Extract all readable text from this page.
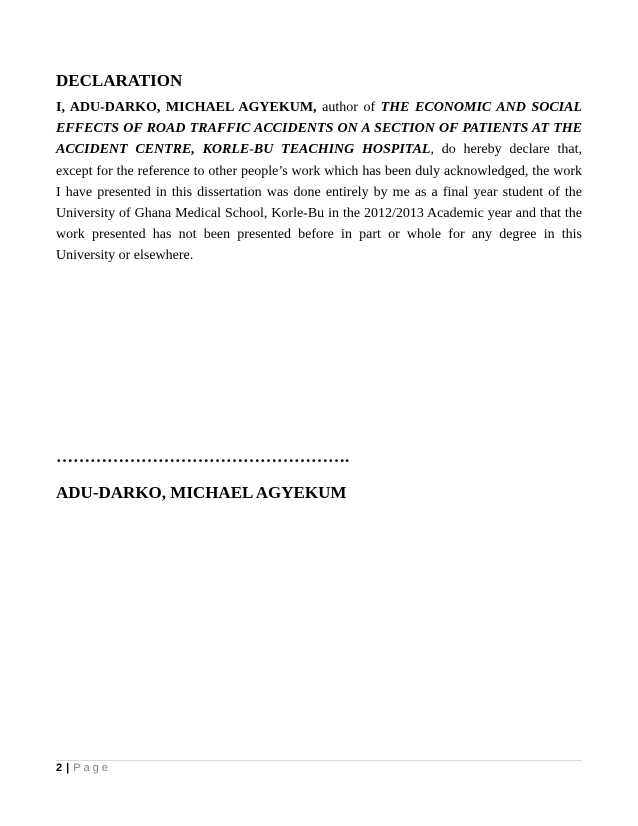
DECLARATION
I, ADU-DARKO, MICHAEL AGYEKUM, author of THE ECONOMIC AND SOCIAL EFFECTS OF ROAD TRAFFIC ACCIDENTS ON A SECTION OF PATIENTS AT THE ACCIDENT CENTRE, KORLE-BU TEACHING HOSPITAL, do hereby declare that, except for the reference to other people’s work which has been duly acknowledged, the work I have presented in this dissertation was done entirely by me as a final year student of the University of Ghana Medical School, Korle-Bu in the 2012/2013 Academic year and that the work presented has not been presented before in part or whole for any degree in this University or elsewhere.
…………………………………………….
ADU-DARKO, MICHAEL AGYEKUM
2 | Page
